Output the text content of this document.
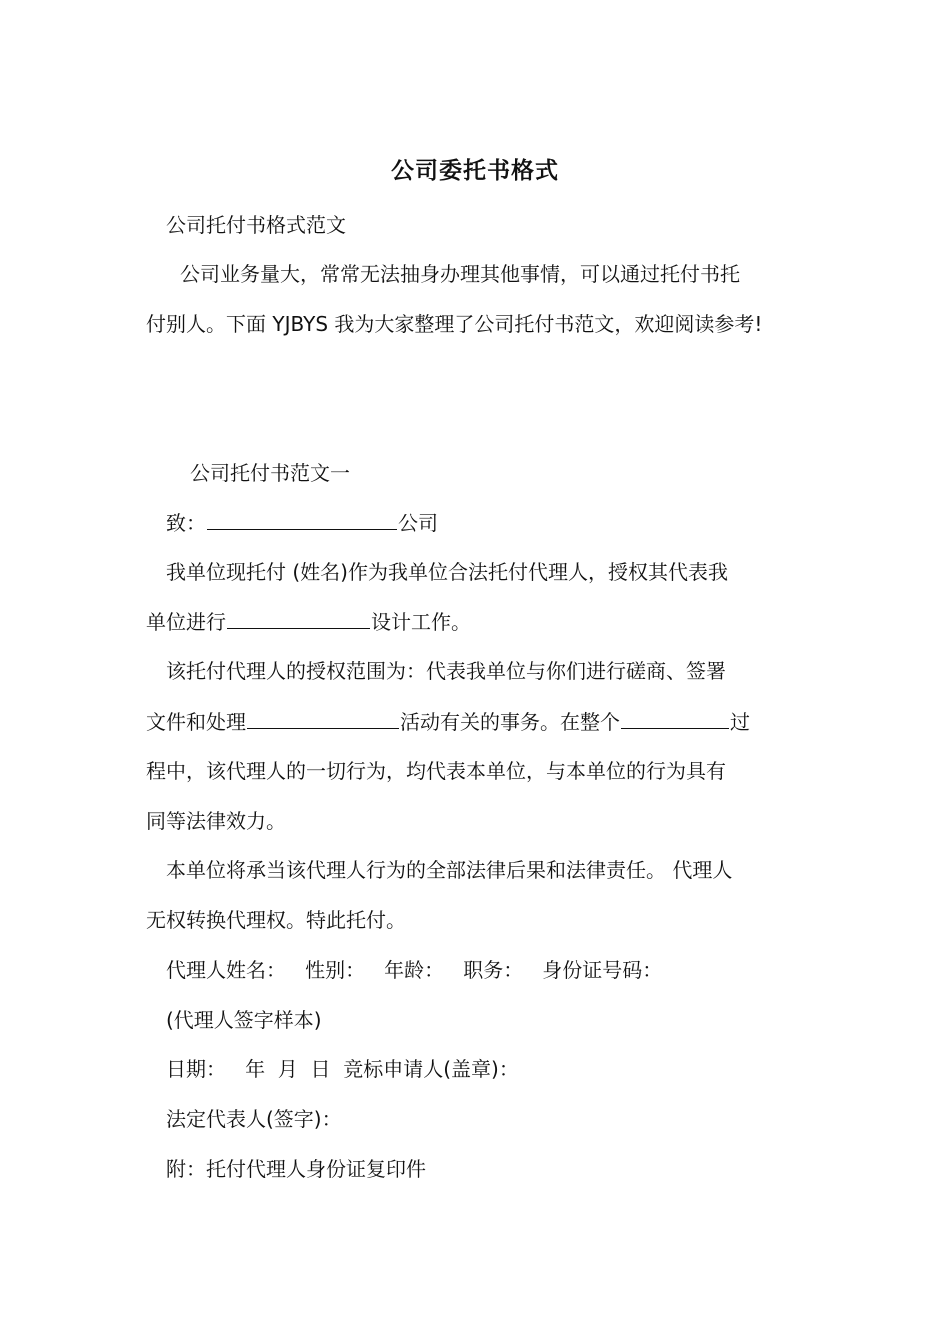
公司委托书格式
公司托付书格式范文
公司业务量大，常常无法抽身办理其他事情，可以通过托付书托
付别人。下面 YJBYS 我为大家整理了公司托付书范文，欢迎阅读参考!
公司托付书范文一
致：	公司
我单位现托付 (姓名)作为我单位合法托付代理人，授权其代表我
单位进行	设计工作。
该托付代理人的授权范围为：代表我单位与你们进行磋商、签署
文件和处理	活动有关的事务。在整个	过
程中，该代理人的一切行为，均代表本单位，与本单位的行为具有
同等法律效力。
本单位将承当该代理人行为的全部法律后果和法律责任。 代理人
无权转换代理权。特此托付。
代理人姓名：   性别：   年龄：   职务：   身份证号码：
(代理人签字样本)
日期：   年  月  日  竞标申请人(盖章)：
法定代表人(签字)：
附：托付代理人身份证复印件
